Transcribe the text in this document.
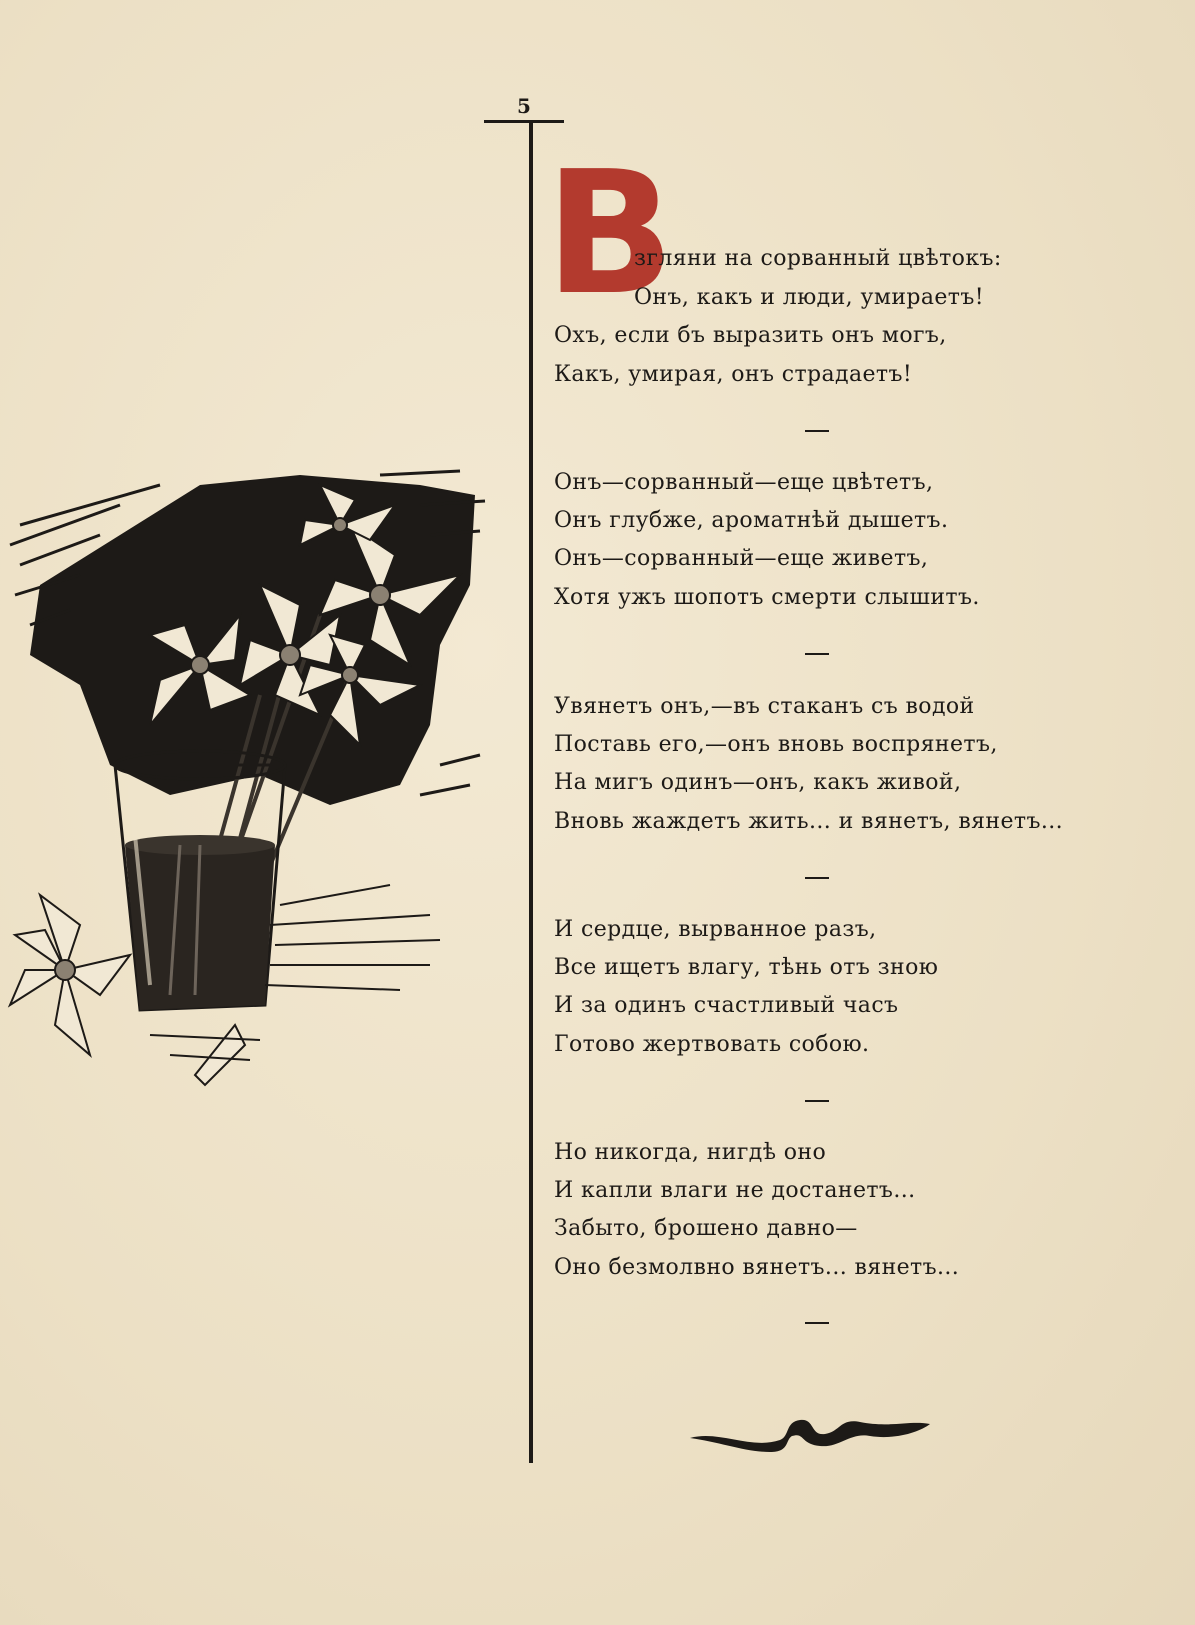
5
В
згляни на сорванный цвѣтокъ:
Онъ, какъ и люди, умираетъ!
Охъ, если бъ выразить онъ могъ,
Какъ, умирая, онъ страдаетъ!
Онъ—сорванный—еще цвѣтетъ,
Онъ глубже, ароматнѣй дышетъ.
Онъ—сорванный—еще живетъ,
Хотя ужъ шопотъ смерти слышитъ.
Увянетъ онъ,—въ стаканъ съ водой
Поставь его,—онъ вновь воспрянетъ,
На мигъ одинъ—онъ, какъ живой,
Вновь жаждетъ жить... и вянетъ, вянетъ...
И сердце, вырванное разъ,
Все ищетъ влагу, тѣнь отъ зною
И за одинъ счастливый часъ
Готово жертвовать собою.
Но никогда, нигдѣ оно
И капли влаги не достанетъ...
Забыто, брошено давно—
Оно безмолвно вянетъ... вянетъ...
В.Л
